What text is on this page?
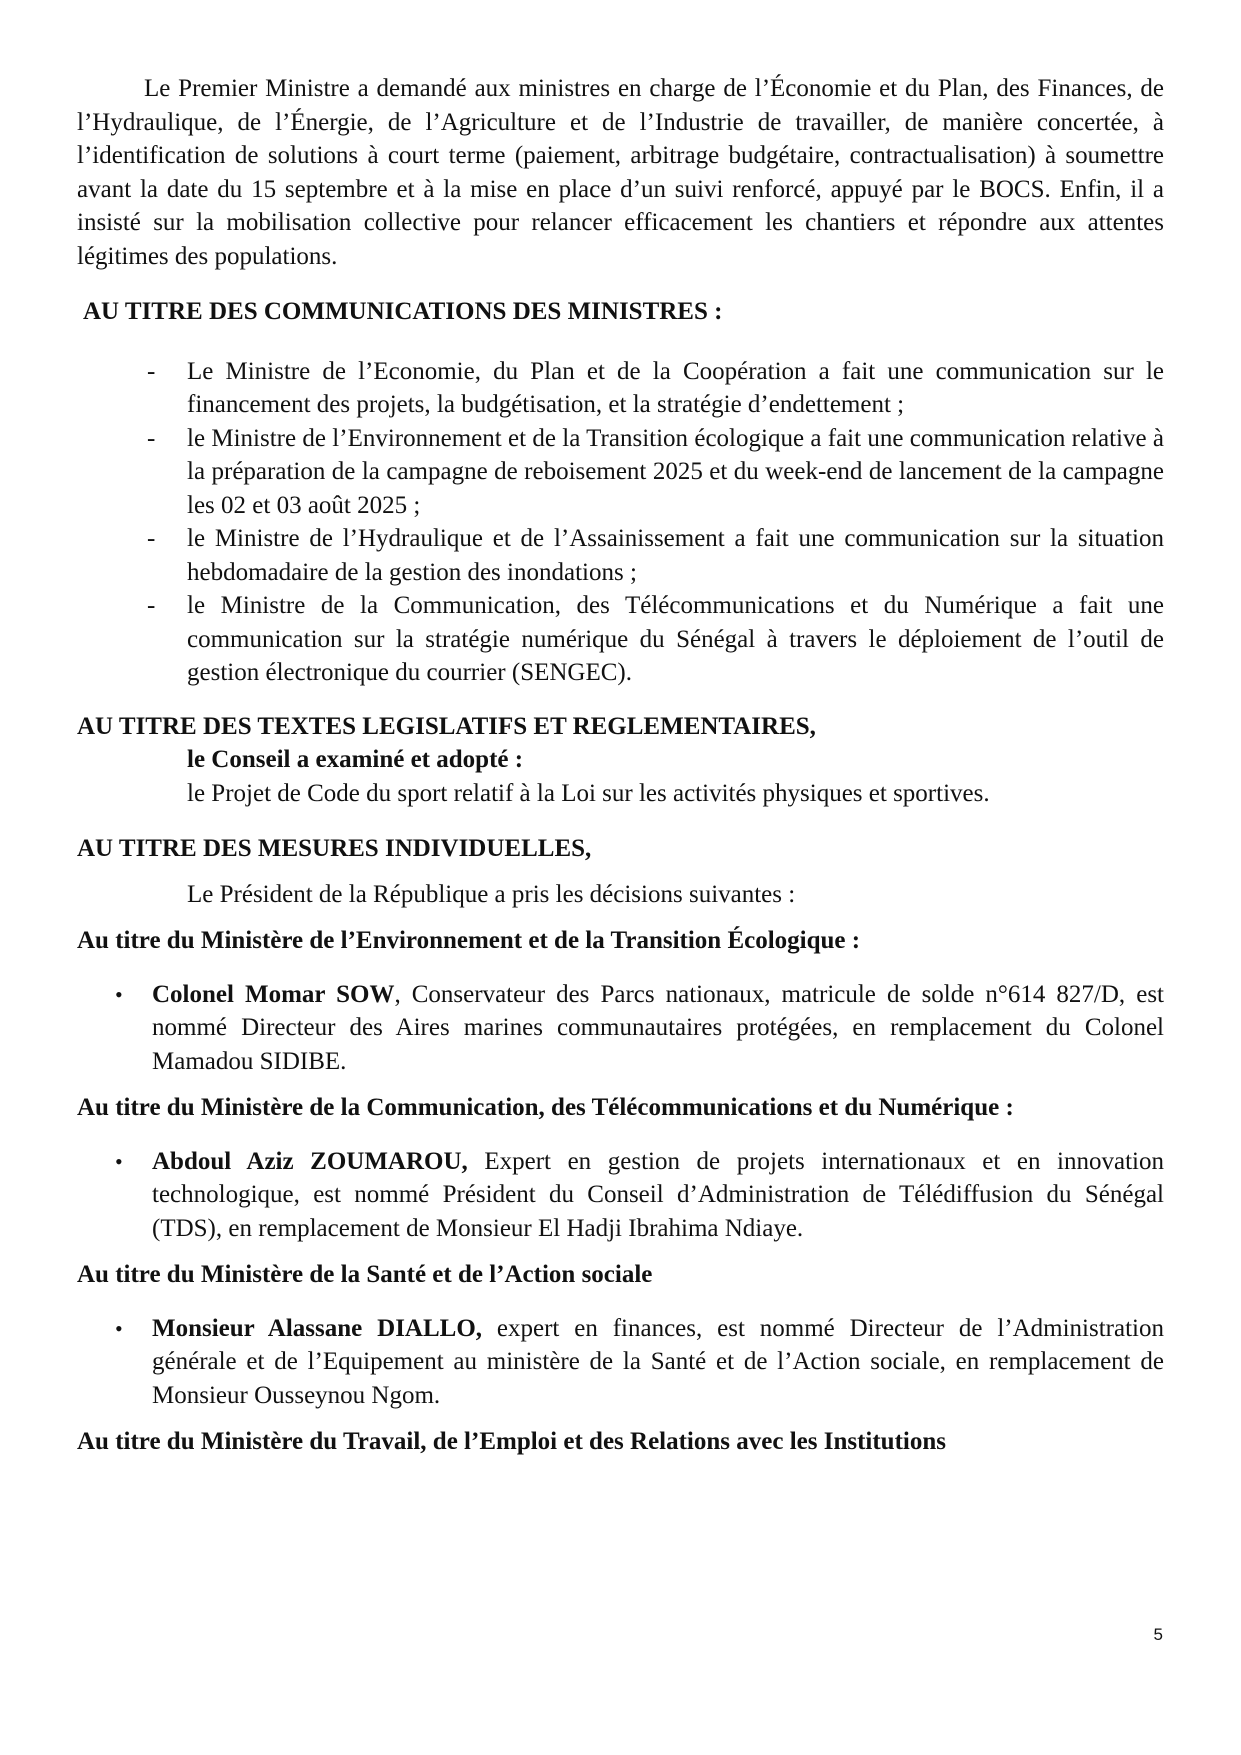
Le Premier Ministre a demandé aux ministres en charge de l’Économie et du Plan, des Finances, de l’Hydraulique, de l’Énergie, de l’Agriculture et de l’Industrie de travailler, de manière concertée, à l’identification de solutions à court terme (paiement, arbitrage budgétaire, contractualisation) à soumettre avant la date du 15 septembre et à la mise en place d’un suivi renforcé, appuyé par le BOCS. Enfin, il a insisté sur la mobilisation collective pour relancer efficacement les chantiers et répondre aux attentes légitimes des populations.

AU TITRE DES COMMUNICATIONS DES MINISTRES :

- Le Ministre de l’Economie, du Plan et de la Coopération a fait une communication sur le financement des projets, la budgétisation, et la stratégie d’endettement ;
- le Ministre de l’Environnement et de la Transition écologique a fait une communication relative à la préparation de la campagne de reboisement 2025 et du week-end de lancement de la campagne les 02 et 03 août 2025 ;
- le Ministre de l’Hydraulique et de l’Assainissement a fait une communication sur la situation hebdomadaire de la gestion des inondations ;
- le Ministre de la Communication, des Télécommunications et du Numérique a fait une communication sur la stratégie numérique du Sénégal à travers le déploiement de l’outil de gestion électronique du courrier (SENGEC).

AU TITRE DES TEXTES LEGISLATIFS ET REGLEMENTAIRES,

le Conseil a examiné et adopté :

le Projet de Code du sport relatif à la Loi sur les activités physiques et sportives.

AU TITRE DES MESURES INDIVIDUELLES,

Le Président de la République a pris les décisions suivantes :

Au titre du Ministère de l’Environnement et de la Transition Écologique :

• Colonel Momar SOW, Conservateur des Parcs nationaux, matricule de solde n°614 827/D, est nommé Directeur des Aires marines communautaires protégées, en remplacement du Colonel Mamadou SIDIBE.

Au titre du Ministère de la Communication, des Télécommunications et du Numérique :

• Abdoul Aziz ZOUMAROU, Expert en gestion de projets internationaux et en innovation technologique, est nommé Président du Conseil d’Administration de Télédiffusion du Sénégal (TDS), en remplacement de Monsieur El Hadji Ibrahima Ndiaye.

Au titre du Ministère de la Santé et de l’Action sociale

• Monsieur Alassane DIALLO, expert en finances, est nommé Directeur de l’Administration générale et de l’Equipement au ministère de la Santé et de l’Action sociale, en remplacement de Monsieur Ousseynou Ngom.

Au titre du Ministère du Travail, de l’Emploi et des Relations avec les Institutions

5
